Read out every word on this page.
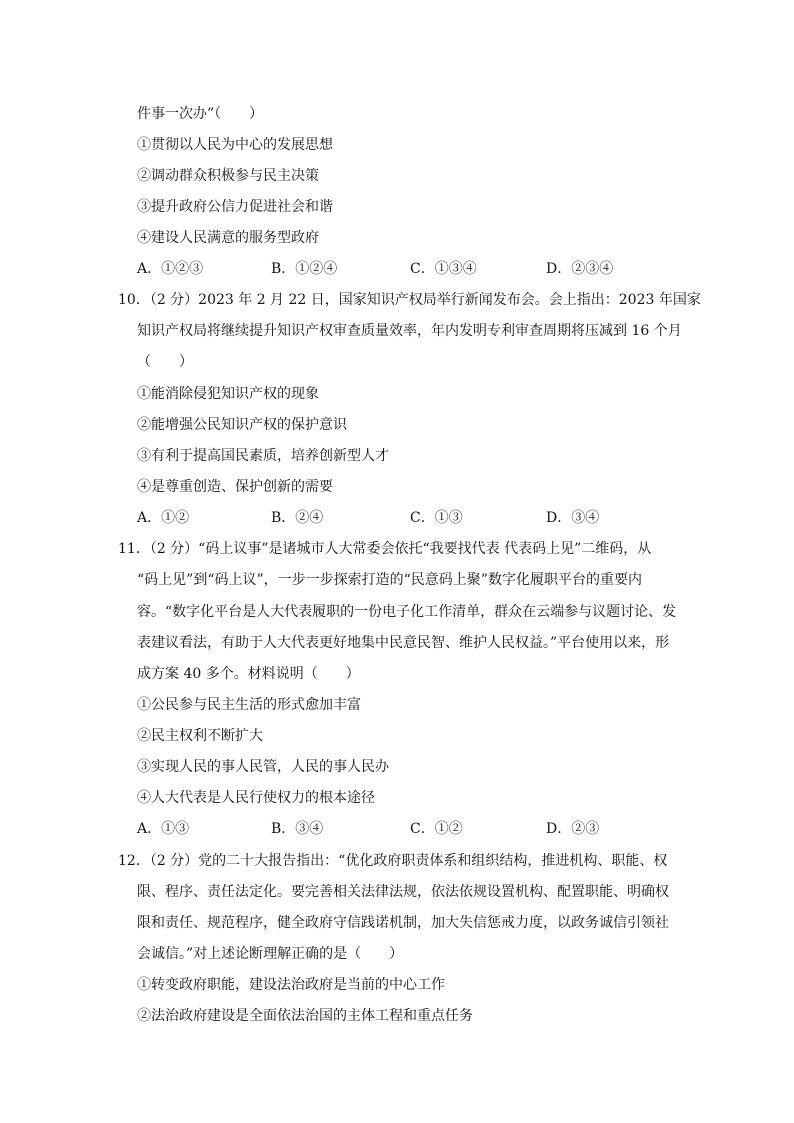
件事一次办”（　　）
①贯彻以人民为中心的发展思想
②调动群众积极参与民主决策
③提升政府公信力促进社会和谐
④建设人民满意的服务型政府
A．①②③	B．①②④	C．①③④	D．②③④
10．（2 分）2023 年 2 月 22 日，国家知识产权局举行新闻发布会。会上指出：2023 年国家
知识产权局将继续提升知识产权审查质量效率，年内发明专利审查周期将压减到 16 个月
（　　）
①能消除侵犯知识产权的现象
②能增强公民知识产权的保护意识
③有利于提高国民素质，培养创新型人才
④是尊重创造、保护创新的需要
A．①②	B．②④	C．①③	D．③④
11．（2 分）“码上议事”是诸城市人大常委会依托“我要找代表 代表码上见”二维码，从
“码上见”到“码上议”，一步一步探索打造的“民意码上聚”数字化履职平台的重要内
容。“数字化平台是人大代表履职的一份电子化工作清单，群众在云端参与议题讨论、发
表建议看法，有助于人大代表更好地集中民意民智、维护人民权益。”平台使用以来，形
成方案 40 多个。材料说明（　　）
①公民参与民主生活的形式愈加丰富
②民主权利不断扩大
③实现人民的事人民管，人民的事人民办
④人大代表是人民行使权力的根本途径
A．①③	B．③④	C．①②	D．②③
12．（2 分）党的二十大报告指出：“优化政府职责体系和组织结构，推进机构、职能、权
限、程序、责任法定化。要完善相关法律法规，依法依规设置机构、配置职能、明确权
限和责任、规范程序，健全政府守信践诺机制，加大失信惩戒力度，以政务诚信引领社
会诚信。”对上述论断理解正确的是（　　）
①转变政府职能，建设法治政府是当前的中心工作
②法治政府建设是全面依法治国的主体工程和重点任务
